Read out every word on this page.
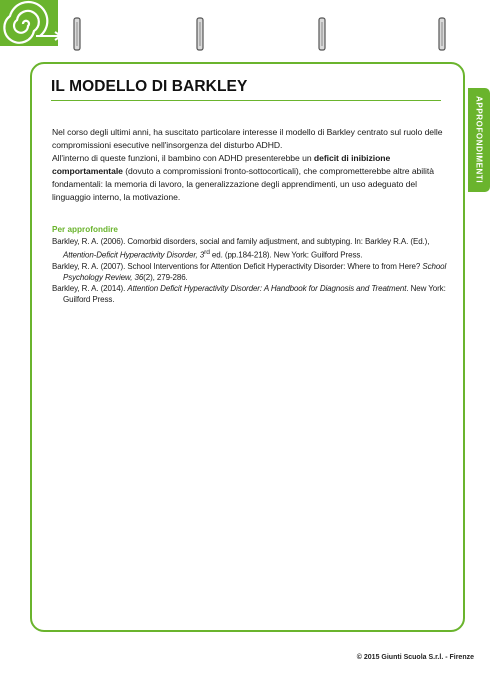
IL MODELLO DI BARKLEY
APPROFONDIMENTI

Nel corso degli ultimi anni, ha suscitato particolare interesse il modello di Barkley centrato sul ruolo delle compromissioni esecutive nell'insorgenza del disturbo ADHD.

All'interno di queste funzioni, il bambino con ADHD presenterebbe un deficit di inibizione comportamentale (dovuto a compromissioni fronto-sottocorticali), che comprometterebbe altre abilità fondamentali: la memoria di lavoro, la generalizzazione degli apprendimenti, un uso adeguato del linguaggio interno, la motivazione.

Per approfondire

Barkley, R. A. (2006). Comorbid disorders, social and family adjustment, and subtyping. In: Barkley R.A. (Ed.), Attention-Deficit Hyperactivity Disorder, 3rd ed. (pp.184-218). New York: Guilford Press.
Barkley, R. A. (2007). School Interventions for Attention Deficit Hyperactivity Disorder: Where to from Here? School Psychology Review, 36(2), 279-286.
Barkley, R. A. (2014). Attention Deficit Hyperactivity Disorder: A Handbook for Diagnosis and Treatment. New York: Guilford Press.

© 2015 Giunti Scuola S.r.l. - Firenze
